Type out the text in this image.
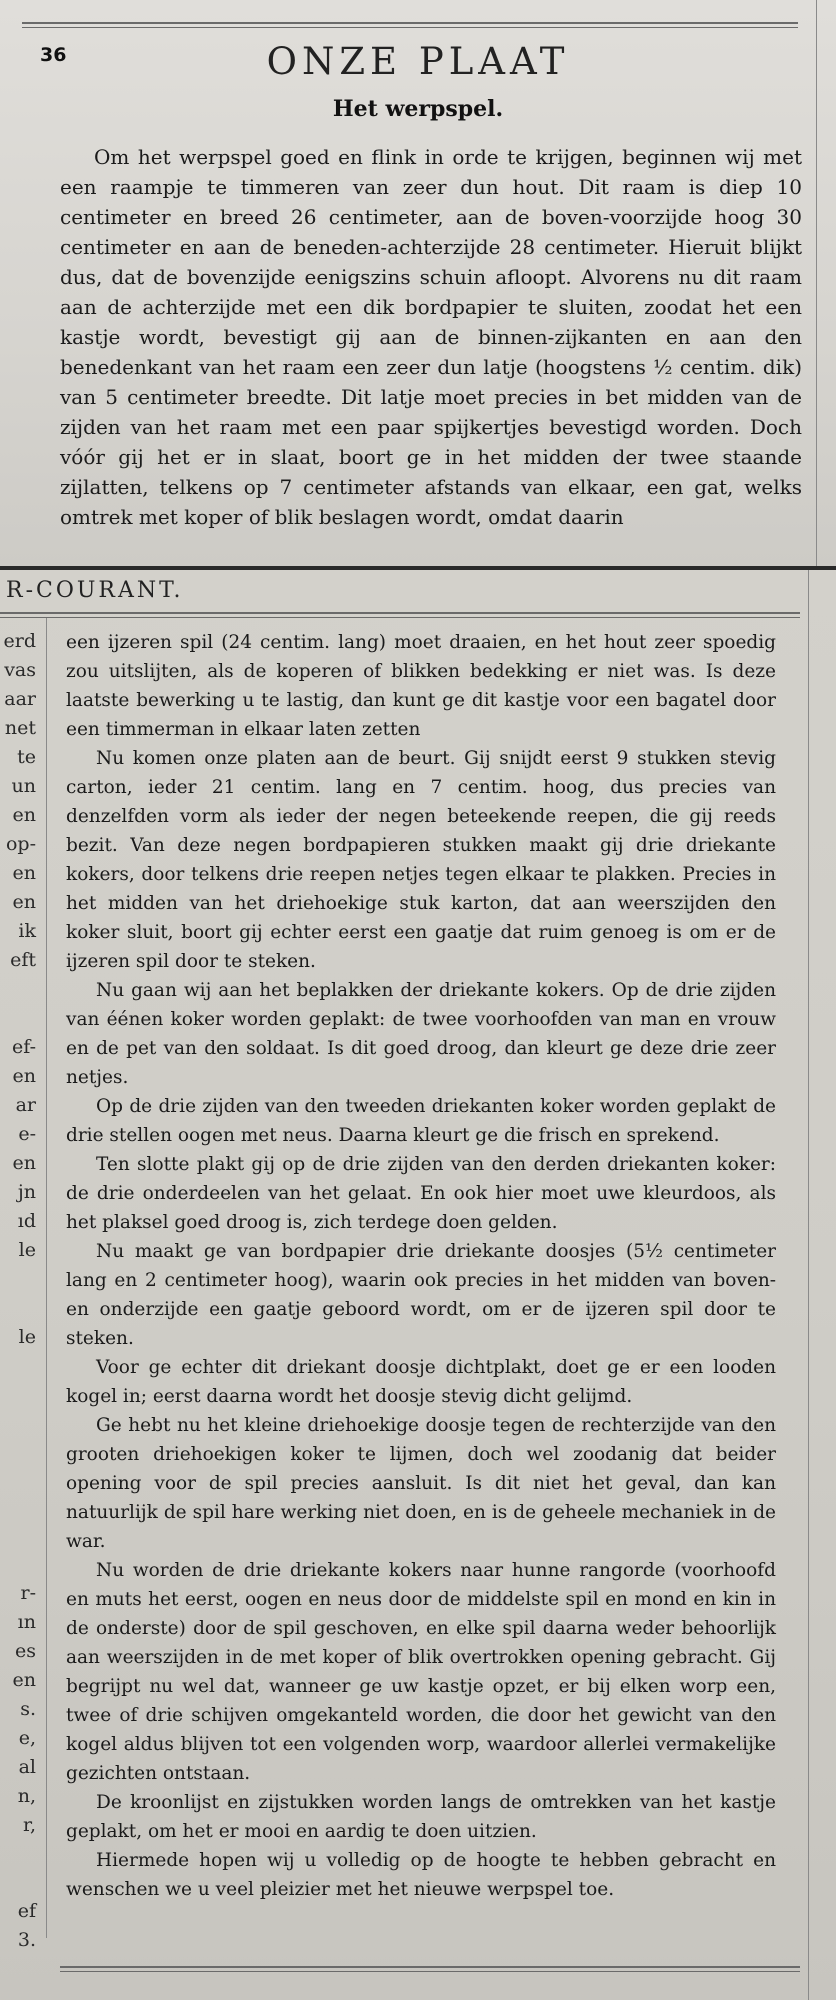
36	ONZE PLAAT
Het werpspel.

Om het werpspel goed en flink in orde te krijgen, beginnen wij met een raampje te timmeren van zeer dun hout. Dit raam is diep 10 centimeter en breed 26 centimeter, aan de boven-voorzijde hoog 30 centimeter en aan de beneden-achterzijde 28 centimeter. Hieruit blijkt dus, dat de bovenzijde eenigszins schuin afloopt. Alvorens nu dit raam aan de achterzijde met een dik bordpapier te sluiten, zoodat het een kastje wordt, bevestigt gij aan de binnen-zijkanten en aan den benedenkant van het raam een zeer dun latje (hoogstens ½ centim. dik) van 5 centimeter breedte. Dit latje moet precies in bet midden van de zijden van het raam met een paar spijkertjes bevestigd worden. Doch vóór gij het er in slaat, boort ge in het midden der twee staande zijlatten, telkens op 7 centimeter afstands van elkaar, een gat, welks omtrek met koper of blik beslagen wordt, omdat daarin

R-COURANT.
erd
vas
aar
net
te
un
en
op-
en
en
ik
eft
ef-
en
ar
e-
en
jn
ıd
le
le
r-
ın
es
en
s.
e,
al
n,
r,
ef
3.

een ijzeren spil (24 centim. lang) moet draaien, en het hout zeer spoedig zou uitslijten, als de koperen of blikken bedekking er niet was. Is deze laatste bewerking u te lastig, dan kunt ge dit kastje voor een bagatel door een timmerman in elkaar laten zetten

Nu komen onze platen aan de beurt. Gij snijdt eerst 9 stukken stevig carton, ieder 21 centim. lang en 7 centim. hoog, dus precies van denzelfden vorm als ieder der negen beteekende reepen, die gij reeds bezit. Van deze negen bordpapieren stukken maakt gij drie driekante kokers, door telkens drie reepen netjes tegen elkaar te plakken. Precies in het midden van het driehoekige stuk karton, dat aan weerszijden den koker sluit, boort gij echter eerst een gaatje dat ruim genoeg is om er de ijzeren spil door te steken.

Nu gaan wij aan het beplakken der driekante kokers. Op de drie zijden van éénen koker worden geplakt: de twee voorhoofden van man en vrouw en de pet van den soldaat. Is dit goed droog, dan kleurt ge deze drie zeer netjes.

Op de drie zijden van den tweeden driekanten koker worden geplakt de drie stellen oogen met neus. Daarna kleurt ge die frisch en sprekend.

Ten slotte plakt gij op de drie zijden van den derden driekanten koker: de drie onderdeelen van het gelaat. En ook hier moet uwe kleurdoos, als het plaksel goed droog is, zich terdege doen gelden.

Nu maakt ge van bordpapier drie driekante doosjes (5½ centimeter lang en 2 centimeter hoog), waarin ook precies in het midden van boven- en onderzijde een gaatje geboord wordt, om er de ijzeren spil door te steken.

Voor ge echter dit driekant doosje dichtplakt, doet ge er een looden kogel in; eerst daarna wordt het doosje stevig dicht gelijmd.

Ge hebt nu het kleine driehoekige doosje tegen de rechterzijde van den grooten driehoekigen koker te lijmen, doch wel zoodanig dat beider opening voor de spil precies aansluit. Is dit niet het geval, dan kan natuurlijk de spil hare werking niet doen, en is de geheele mechaniek in de war.

Nu worden de drie driekante kokers naar hunne rangorde (voorhoofd en muts het eerst, oogen en neus door de middelste spil en mond en kin in de onderste) door de spil geschoven, en elke spil daarna weder behoorlijk aan weerszijden in de met koper of blik overtrokken opening gebracht. Gij begrijpt nu wel dat, wanneer ge uw kastje opzet, er bij elken worp een, twee of drie schijven omgekanteld worden, die door het gewicht van den kogel aldus blijven tot een volgenden worp, waardoor allerlei vermakelijke gezichten ontstaan.

De kroonlijst en zijstukken worden langs de omtrekken van het kastje geplakt, om het er mooi en aardig te doen uitzien.

Hiermede hopen wij u volledig op de hoogte te hebben gebracht en wenschen we u veel pleizier met het nieuwe werpspel toe.
